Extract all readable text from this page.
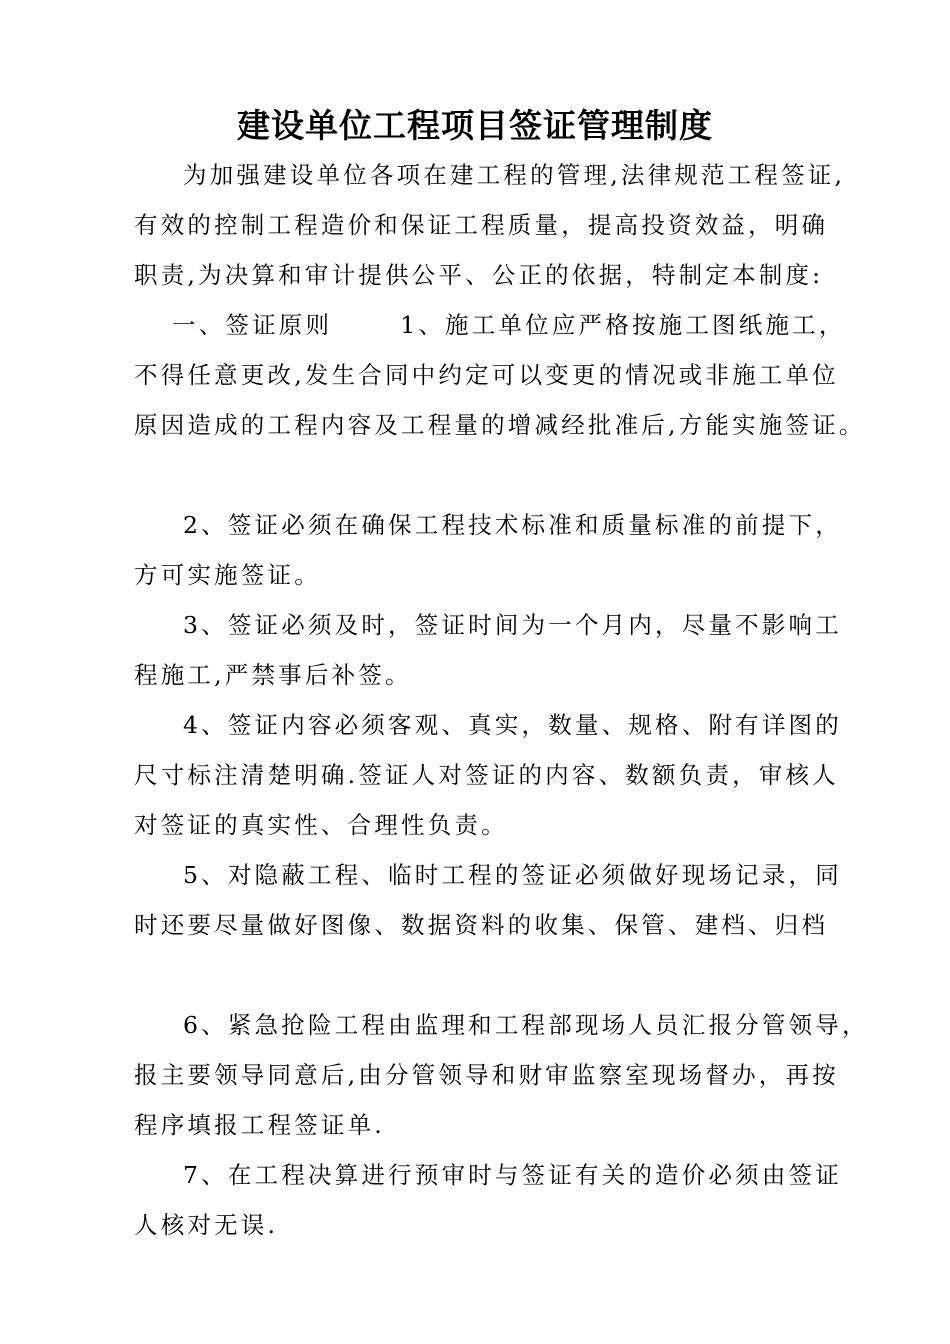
建设单位工程项目签证管理制度
为加强建设单位各项在建工程的管理,法律规范工程签证,
有效的控制工程造价和保证工程质量，提高投资效益，明确
职责,为决算和审计提供公平、公正的依据，特制定本制度:
一、签证原则	1、施工单位应严格按施工图纸施工，
不得任意更改,发生合同中约定可以变更的情况或非施工单位
原因造成的工程内容及工程量的增减经批准后,方能实施签证。
2、签证必须在确保工程技术标准和质量标准的前提下，
方可实施签证。
3、签证必须及时，签证时间为一个月内，尽量不影响工
程施工,严禁事后补签。
4、签证内容必须客观、真实，数量、规格、附有详图的
尺寸标注清楚明确.签证人对签证的内容、数额负责，审核人
对签证的真实性、合理性负责。
5、对隐蔽工程、临时工程的签证必须做好现场记录，同
时还要尽量做好图像、数据资料的收集、保管、建档、归档
6、紧急抢险工程由监理和工程部现场人员汇报分管领导，
报主要领导同意后,由分管领导和财审监察室现场督办，再按
程序填报工程签证单.
7、在工程决算进行预审时与签证有关的造价必须由签证
人核对无误.
